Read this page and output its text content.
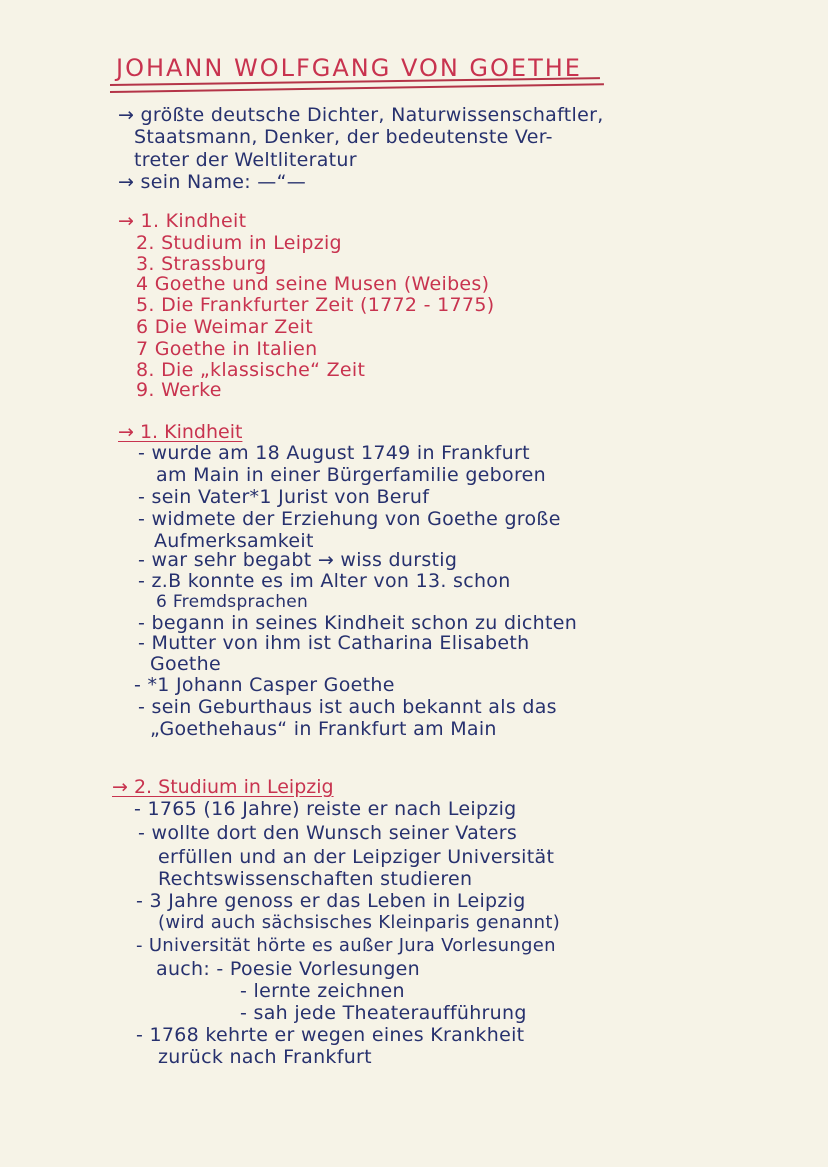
JOHANN WOLFGANG VON GOETHE
→ größte deutsche Dichter, Naturwissenschaftler,
Staatsmann, Denker, der bedeutenste Ver-
treter der Weltliteratur
→ sein Name: —“—
→ 1. Kindheit
2. Studium in Leipzig
3. Strassburg
4 Goethe und seine Musen (Weibes)
5. Die Frankfurter Zeit (1772 - 1775)
6 Die Weimar Zeit
7 Goethe in Italien
8. Die „klassische“ Zeit
9. Werke
→ 1. Kindheit
- wurde am 18 August 1749 in Frankfurt
am Main in einer Bürgerfamilie geboren
- sein Vater*1 Jurist von Beruf
- widmete der Erziehung von Goethe große
Aufmerksamkeit
- war sehr begabt → wiss durstig
- z.B konnte es im Alter von 13. schon
6 Fremdsprachen
- begann in seines Kindheit schon zu dichten
- Mutter von ihm ist Catharina Elisabeth
Goethe
- *1 Johann Casper Goethe
- sein Geburthaus ist auch bekannt als das
„Goethehaus“ in Frankfurt am Main
→ 2. Studium in Leipzig
- 1765 (16 Jahre) reiste er nach Leipzig
- wollte dort den Wunsch seiner Vaters
erfüllen und an der Leipziger Universität
Rechtswissenschaften studieren
- 3 Jahre genoss er das Leben in Leipzig
(wird auch sächsisches Kleinparis genannt)
- Universität hörte es außer Jura Vorlesungen
auch: - Poesie Vorlesungen
- lernte zeichnen
- sah jede Theateraufführung
- 1768 kehrte er wegen eines Krankheit
zurück nach Frankfurt
